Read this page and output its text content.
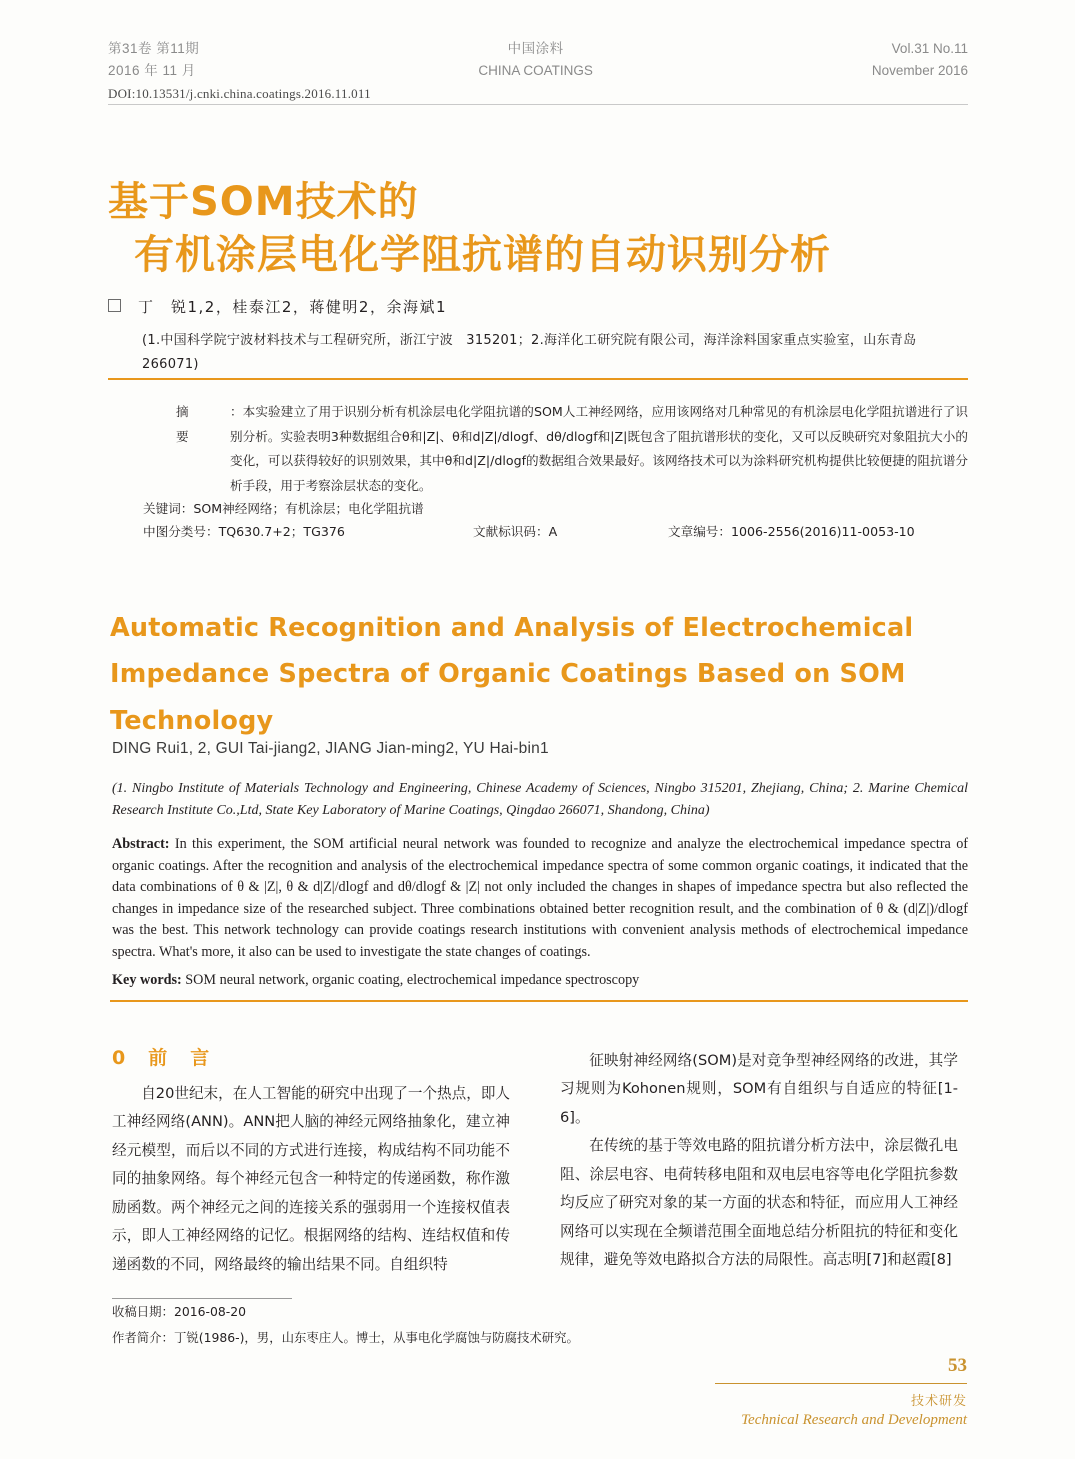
第31卷 第11期
2016 年 11 月
中国涂料
CHINA COATINGS
Vol.31 No.11
November 2016
DOI:10.13531/j.cnki.china.coatings.2016.11.011
基于SOM技术的
有机涂层电化学阻抗谱的自动识别分析
丁　锐1,2，桂泰江2，蒋健明2，余海斌1
(1.中国科学院宁波材料技术与工程研究所，浙江宁波　315201；2.海洋化工研究院有限公司，海洋涂料国家重点实验室，山东青岛　266071)
摘　要
：本实验建立了用于识别分析有机涂层电化学阻抗谱的SOM人工神经网络，应用该网络对几种常见的有机涂层电化学阻抗谱进行了识别分析。实验表明3种数据组合θ和|Z|、θ和d|Z|/dlogf、dθ/dlogf和|Z|既包含了阻抗谱形状的变化，又可以反映研究对象阻抗大小的变化，可以获得较好的识别效果，其中θ和d|Z|/dlogf的数据组合效果最好。该网络技术可以为涂料研究机构提供比较便捷的阻抗谱分析手段，用于考察涂层状态的变化。
关键词：SOM神经网络；有机涂层；电化学阻抗谱
中图分类号：TQ630.7+2；TG376	文献标识码：A	文章编号：1006-2556(2016)11-0053-10
Automatic Recognition and Analysis of Electrochemical Impedance Spectra of Organic Coatings Based on SOM Technology
DING Rui1, 2, GUI Tai-jiang2, JIANG Jian-ming2, YU Hai-bin1
(1. Ningbo Institute of Materials Technology and Engineering, Chinese Academy of Sciences, Ningbo 315201, Zhejiang, China; 2. Marine Chemical Research Institute Co.,Ltd, State Key Laboratory of Marine Coatings, Qingdao 266071, Shandong, China)
Abstract: In this experiment, the SOM artificial neural network was founded to recognize and analyze the electrochemical impedance spectra of organic coatings. After the recognition and analysis of the electrochemical impedance spectra of some common organic coatings, it indicated that the data combinations of θ & |Z|, θ & d|Z|/dlogf and dθ/dlogf & |Z| not only included the changes in shapes of impedance spectra but also reflected the changes in impedance size of the researched subject. Three combinations obtained better recognition result, and the combination of θ & (d|Z|)/dlogf was the best. This network technology can provide coatings research institutions with convenient analysis methods of electrochemical impedance spectra. What's more, it also can be used to investigate the state changes of coatings.
Key words: SOM neural network, organic coating, electrochemical impedance spectroscopy
0　前　言

自20世纪末，在人工智能的研究中出现了一个热点，即人工神经网络(ANN)。ANN把人脑的神经元网络抽象化，建立神经元模型，而后以不同的方式进行连接，构成结构不同功能不同的抽象网络。每个神经元包含一种特定的传递函数，称作激励函数。两个神经元之间的连接关系的强弱用一个连接权值表示，即人工神经网络的记忆。根据网络的结构、连结权值和传递函数的不同，网络最终的输出结果不同。自组织特

征映射神经网络(SOM)是对竞争型神经网络的改进，其学习规则为Kohonen规则，SOM有自组织与自适应的特征[1-6]。

在传统的基于等效电路的阻抗谱分析方法中，涂层微孔电阻、涂层电容、电荷转移电阻和双电层电容等电化学阻抗参数均反应了研究对象的某一方面的状态和特征，而应用人工神经网络可以实现在全频谱范围全面地总结分析阻抗的特征和变化规律，避免等效电路拟合方法的局限性。高志明[7]和赵霞[8]

收稿日期：2016-08-20
作者简介：丁锐(1986-)，男，山东枣庄人。博士，从事电化学腐蚀与防腐技术研究。
53
技术研发
Technical Research and Development
